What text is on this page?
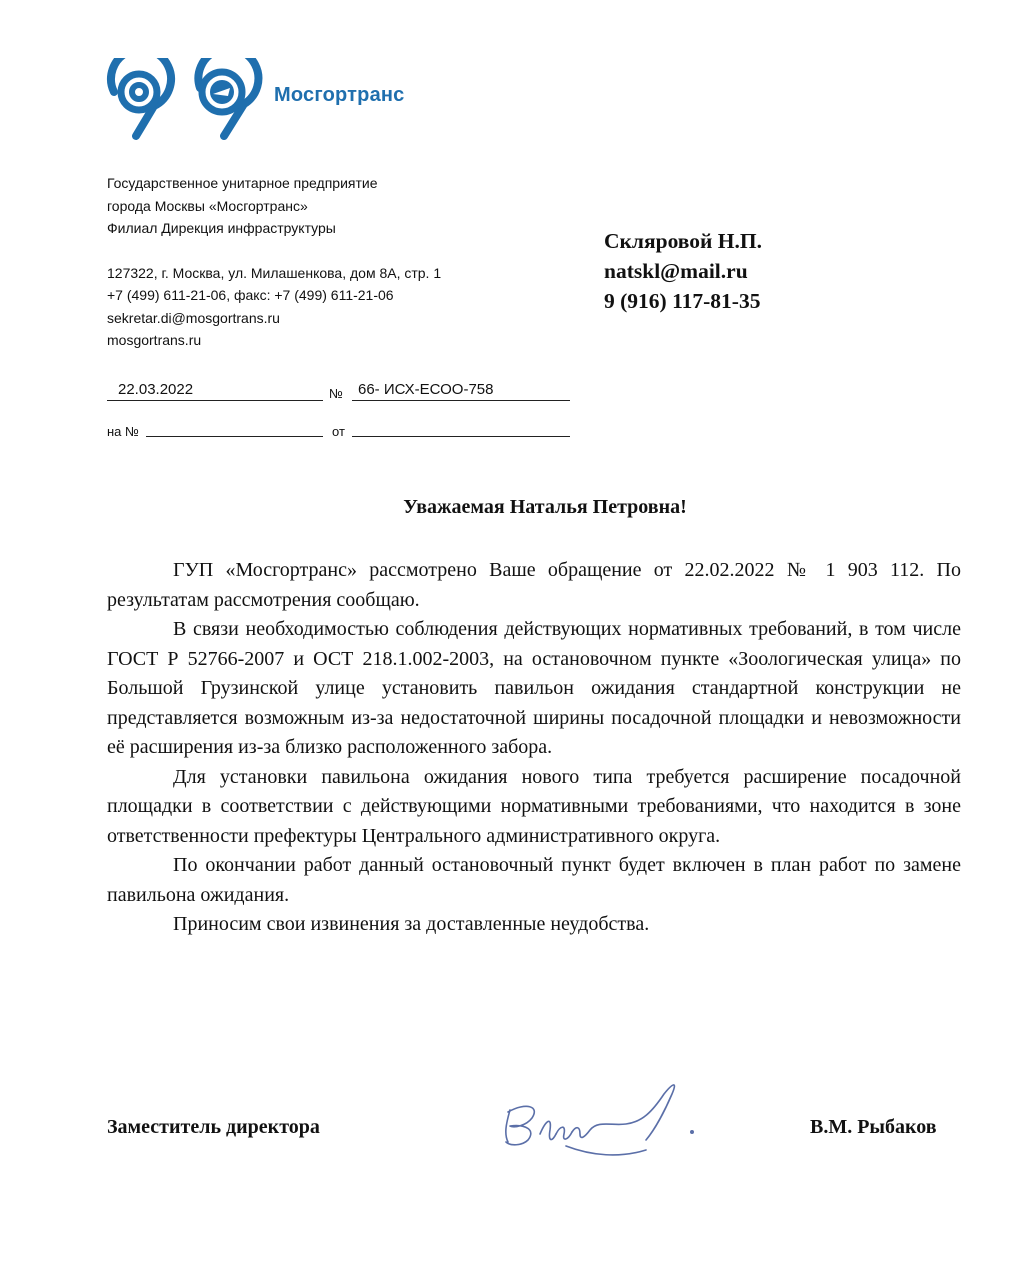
Мосгортранс
Государственное унитарное предприятие
города Москвы «Мосгортранс»
Филиал Дирекция инфраструктуры
127322, г. Москва, ул. Милашенкова, дом 8А, стр. 1
+7 (499) 611-21-06, факс: +7 (499) 611-21-06
sekretar.di@mosgortrans.ru
mosgortrans.ru
Скляровой Н.П.
natskl@mail.ru
9 (916) 117-81-35
22.03.2022	№ 66- ИСХ-ЕСОО-758
на №	от
Уважаемая Наталья Петровна!

ГУП «Мосгортранс» рассмотрено Ваше обращение от 22.02.2022 № 1 903 112. По результатам рассмотрения сообщаю.

В связи необходимостью соблюдения действующих нормативных требований, в том числе ГОСТ Р 52766-2007 и ОСТ 218.1.002-2003, на остановочном пункте «Зоологическая улица» по Большой Грузинской улице установить павильон ожидания стандартной конструкции не представляется возможным из-за недостаточной ширины посадочной площадки и невозможности её расширения из-за близко расположенного забора.

Для установки павильона ожидания нового типа требуется расширение посадочной площадки в соответствии с действующими нормативными требованиями, что находится в зоне ответственности префектуры Центрального административного округа.

По окончании работ данный остановочный пункт будет включен в план работ по замене павильона ожидания.

Приносим свои извинения за доставленные неудобства.

Заместитель директора	В.М. Рыбаков
